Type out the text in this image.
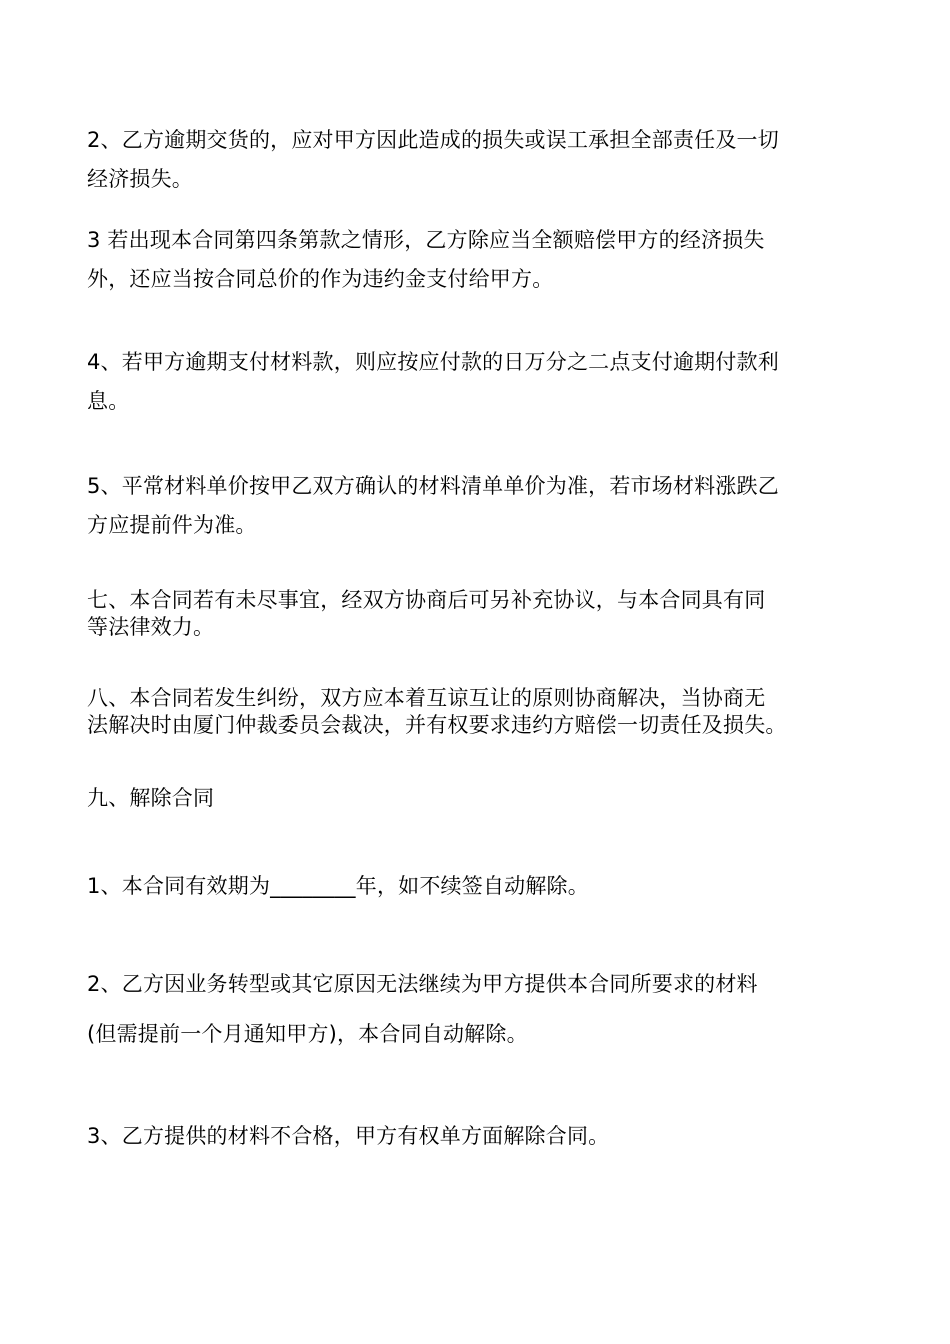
2、乙方逾期交货的，应对甲方因此造成的损失或误工承担全部责任及一切
经济损失。
3 若出现本合同第四条第款之情形，乙方除应当全额赔偿甲方的经济损失
外，还应当按合同总价的作为违约金支付给甲方。
4、若甲方逾期支付材料款，则应按应付款的日万分之二点支付逾期付款利
息。
5、平常材料单价按甲乙双方确认的材料清单单价为准，若市场材料涨跌乙
方应提前件为准。
七、本合同若有未尽事宜，经双方协商后可另补充协议，与本合同具有同
等法律效力。
八、本合同若发生纠纷，双方应本着互谅互让的原则协商解决，当协商无
法解决时由厦门仲裁委员会裁决，并有权要求违约方赔偿一切责任及损失。
九、解除合同
1、本合同有效期为________年，如不续签自动解除。
2、乙方因业务转型或其它原因无法继续为甲方提供本合同所要求的材料
(但需提前一个月通知甲方)，本合同自动解除。
3、乙方提供的材料不合格，甲方有权单方面解除合同。
